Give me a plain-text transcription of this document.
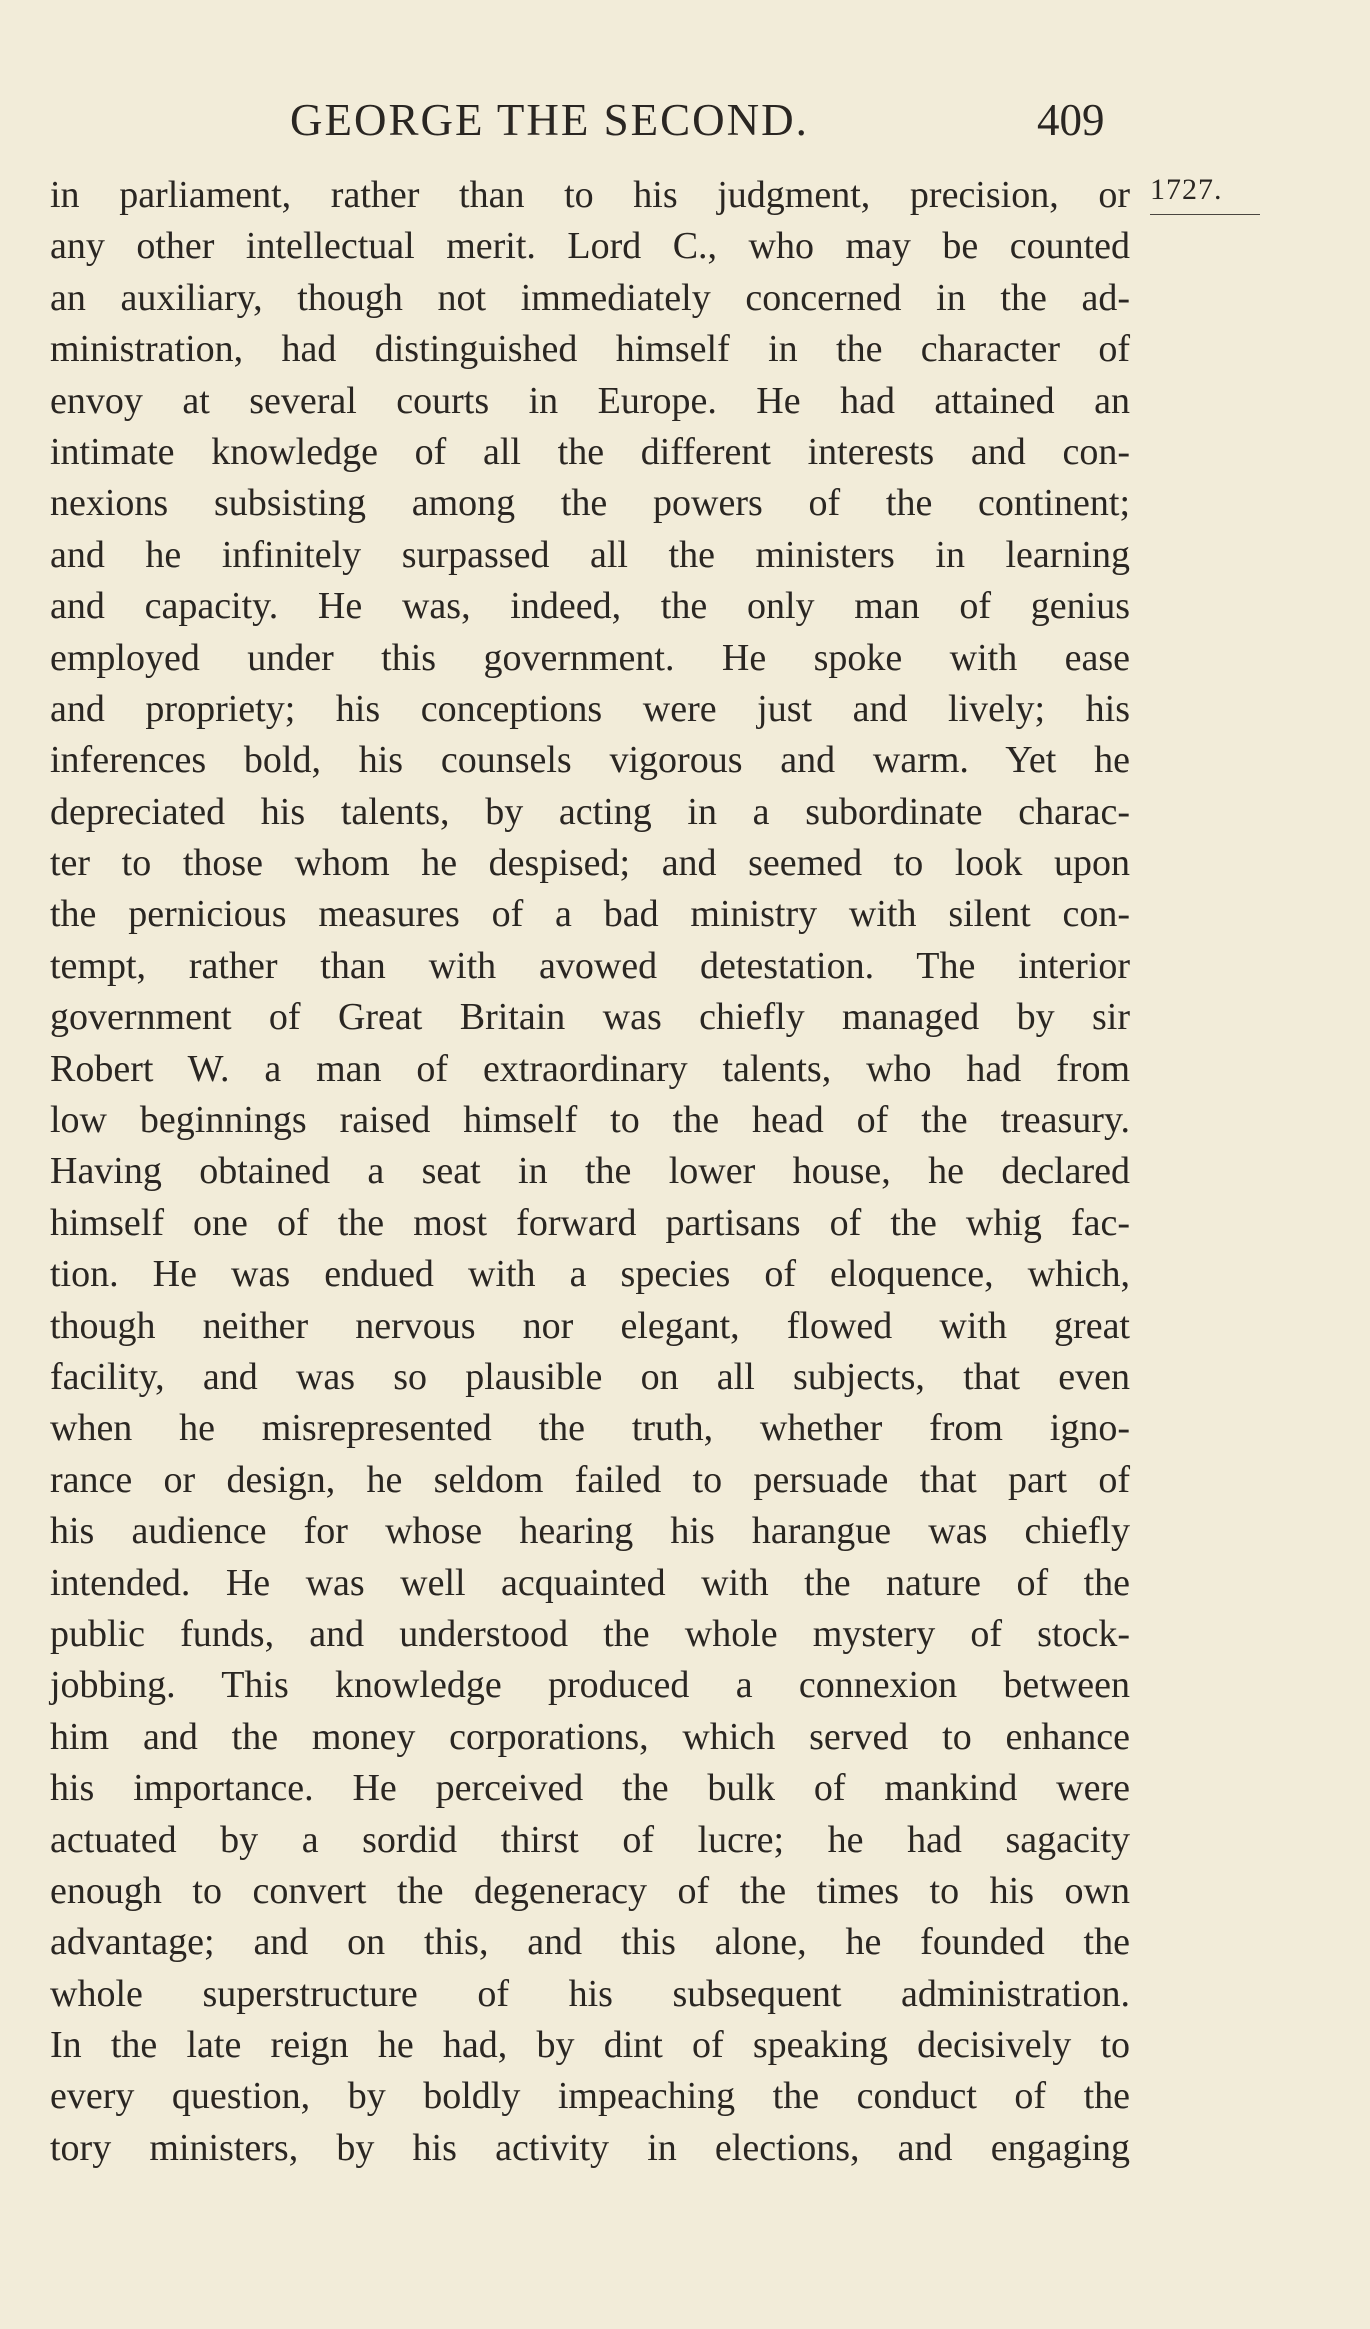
GEORGE THE SECOND.	409
1727.
in parliament, rather than to his judgment, precision, or
any other intellectual merit. Lord C., who may be counted
an auxiliary, though not immediately concerned in the ad-
ministration, had distinguished himself in the character of
envoy at several courts in Europe. He had attained an
intimate knowledge of all the different interests and con-
nexions subsisting among the powers of the continent;
and he infinitely surpassed all the ministers in learning
and capacity. He was, indeed, the only man of genius
employed under this government. He spoke with ease
and propriety; his conceptions were just and lively; his
inferences bold, his counsels vigorous and warm. Yet he
depreciated his talents, by acting in a subordinate charac-
ter to those whom he despised; and seemed to look upon
the pernicious measures of a bad ministry with silent con-
tempt, rather than with avowed detestation. The interior
government of Great Britain was chiefly managed by sir
Robert W. a man of extraordinary talents, who had from
low beginnings raised himself to the head of the treasury.
Having obtained a seat in the lower house, he declared
himself one of the most forward partisans of the whig fac-
tion. He was endued with a species of eloquence, which,
though neither nervous nor elegant, flowed with great
facility, and was so plausible on all subjects, that even
when he misrepresented the truth, whether from igno-
rance or design, he seldom failed to persuade that part of
his audience for whose hearing his harangue was chiefly
intended. He was well acquainted with the nature of the
public funds, and understood the whole mystery of stock-
jobbing. This knowledge produced a connexion between
him and the money corporations, which served to enhance
his importance. He perceived the bulk of mankind were
actuated by a sordid thirst of lucre; he had sagacity
enough to convert the degeneracy of the times to his own
advantage; and on this, and this alone, he founded the
whole superstructure of his subsequent administration.
In the late reign he had, by dint of speaking decisively to
every question, by boldly impeaching the conduct of the
tory ministers, by his activity in elections, and engaging
